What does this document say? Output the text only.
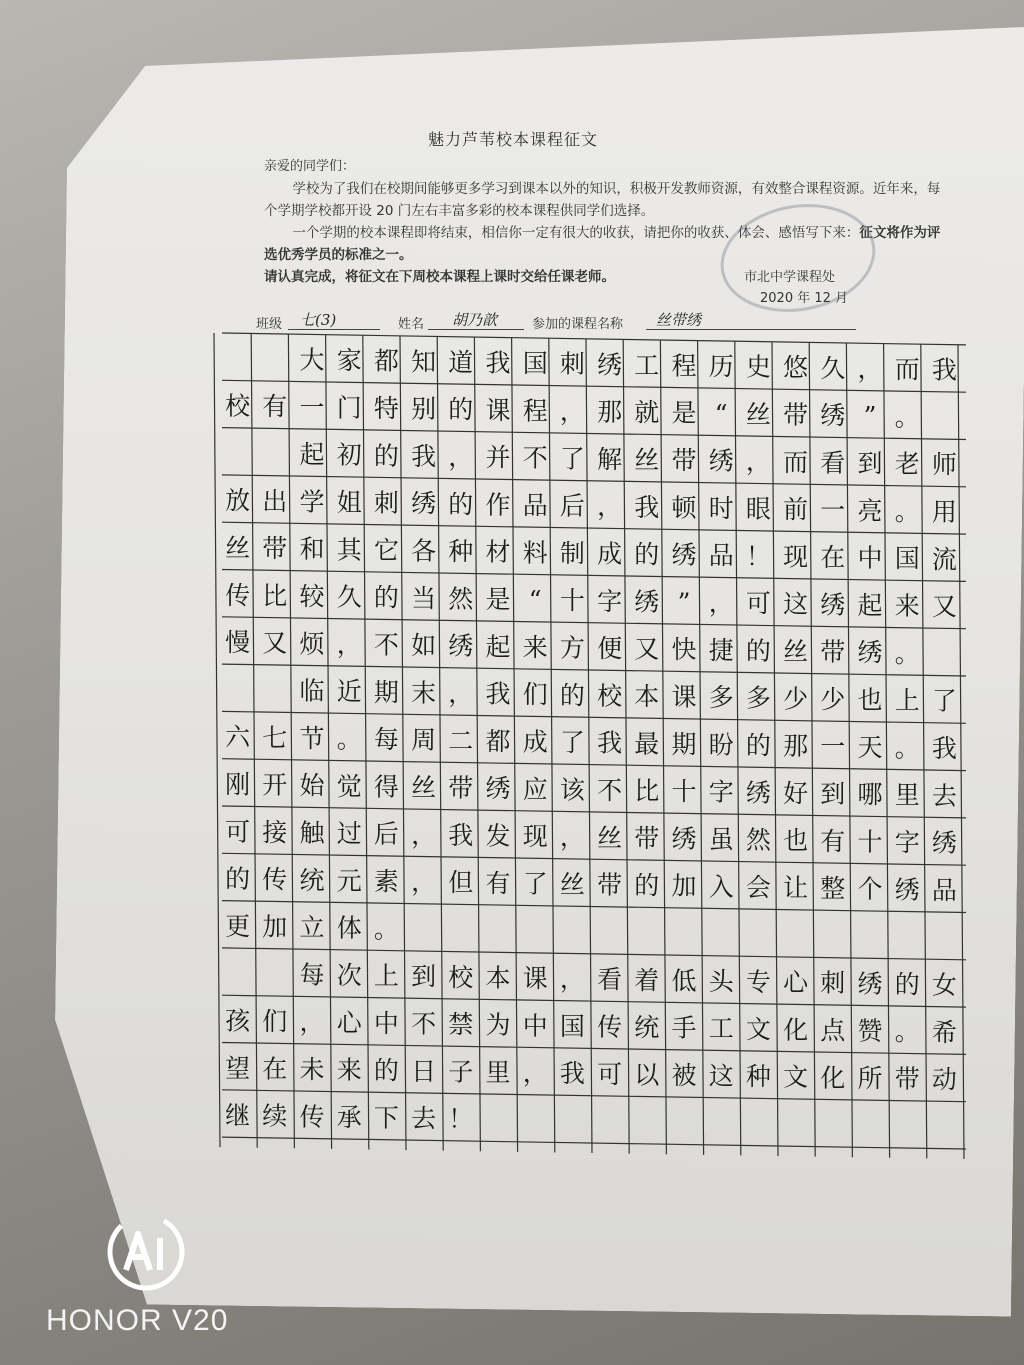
魅力芦苇校本课程征文
亲爱的同学们：

学校为了我们在校期间能够更多学习到课本以外的知识，积极开发教师资源，有效整合课程资源。近年来，每个学期学校都开设 20 门左右丰富多彩的校本课程供同学们选择。

一个学期的校本课程即将结束，相信你一定有很大的收获，请把你的收获、体会、感悟写下来：征文将作为评选优秀学员的标准之一。

请认真完成，将征文在下周校本课程上课时交给任课老师。	市北中学课程处
2020 年 12 月
班级 七(3)	姓名 胡乃歆	参加的课程名称 丝带绣
大 家 都 知 道 我 国 刺 绣 工 程 历 史 悠 久 ， 而 我
校 有 一 门 特 别 的 课 程 ， 那 就 是 “ 丝 带 绣 ” 。
起 初 的 我 ， 并 不 了 解 丝 带 绣 ， 而 看 到 老 师
放 出 学 姐 刺 绣 的 作 品 后 ， 我 顿 时 眼 前 一 亮 。 用
丝 带 和 其 它 各 种 材 料 制 成 的 绣 品 ！ 现 在 中 国 流
传 比 较 久 的 当 然 是 “ 十 字 绣 ” ， 可 这 绣 起 来 又
慢 又 烦 ， 不 如 绣 起 来 方 便 又 快 捷 的 丝 带 绣 。
临 近 期 末 ， 我 们 的 校 本 课 多 多 少 少 也 上 了
六 七 节 。 每 周 二 都 成 了 我 最 期 盼 的 那 一 天 。 我
刚 开 始 觉 得 丝 带 绣 应 该 不 比 十 字 绣 好 到 哪 里 去
可 接 触 过 后 ， 我 发 现 ， 丝 带 绣 虽 然 也 有 十 字 绣
的 传 统 元 素 ， 但 有 了 丝 带 的 加 入 会 让 整 个 绣 品
更 加 立 体 。
每 次 上 到 校 本 课 ， 看 着 低 头 专 心 刺 绣 的 女
孩 们 ， 心 中 不 禁 为 中 国 传 统 手 工 文 化 点 赞 。 希
望 在 未 来 的 日 子 里 ， 我 可 以 被 这 种 文 化 所 带 动
继 续 传 承 下 去 ！
HONOR V20
